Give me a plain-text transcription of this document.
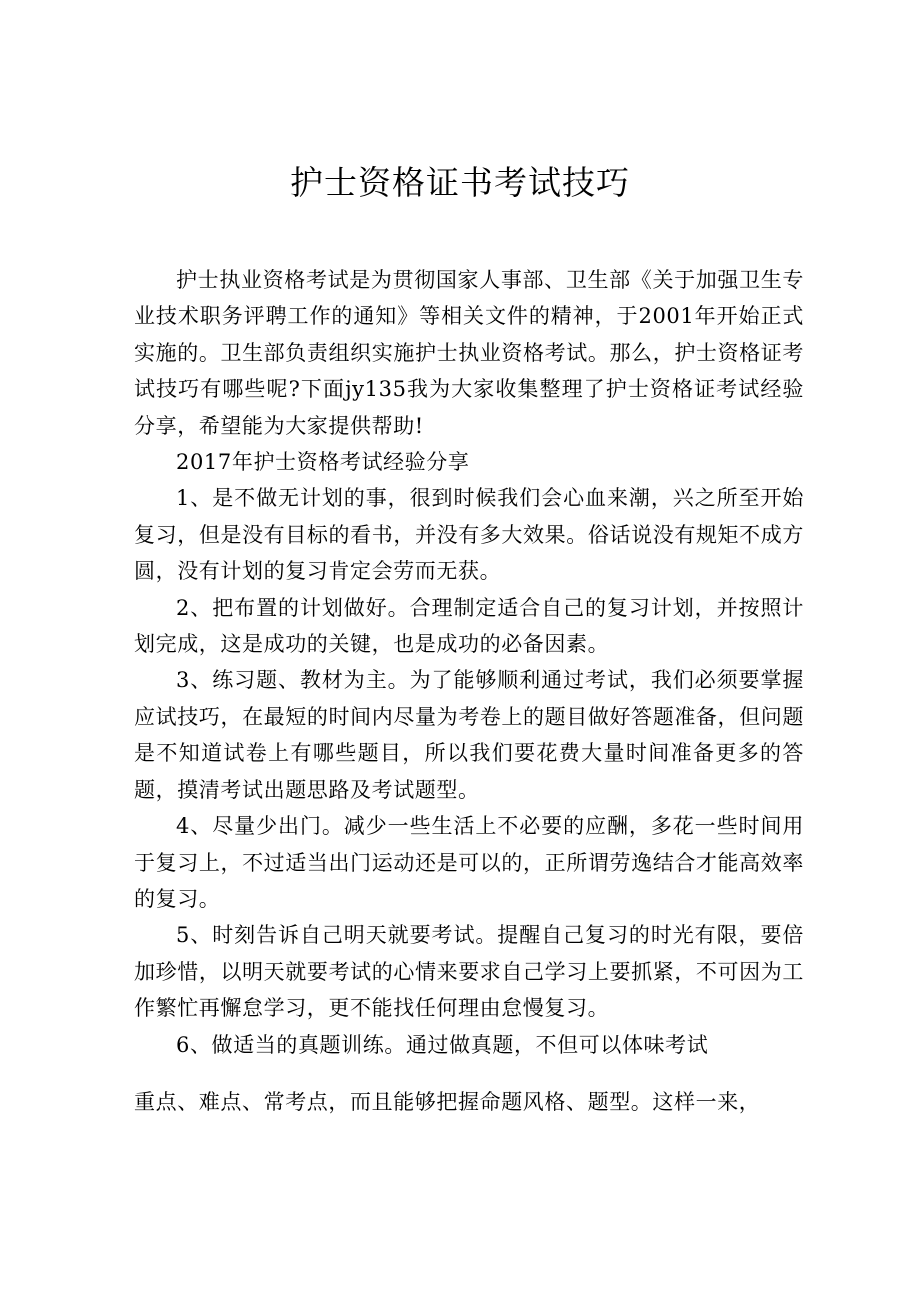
护士资格证书考试技巧

护士执业资格考试是为贯彻国家人事部、卫生部《关于加强卫生专业技术职务评聘工作的通知》等相关文件的精神，于2001年开始正式实施的。卫生部负责组织实施护士执业资格考试。那么，护士资格证考试技巧有哪些呢?下面jy135我为大家收集整理了护士资格证考试经验分享，希望能为大家提供帮助!

2017年护士资格考试经验分享

1、是不做无计划的事，很到时候我们会心血来潮，兴之所至开始复习，但是没有目标的看书，并没有多大效果。俗话说没有规矩不成方圆，没有计划的复习肯定会劳而无获。

2、把布置的计划做好。合理制定适合自己的复习计划，并按照计划完成，这是成功的关键，也是成功的必备因素。

3、练习题、教材为主。为了能够顺利通过考试，我们必须要掌握应试技巧，在最短的时间内尽量为考卷上的题目做好答题准备，但问题是不知道试卷上有哪些题目，所以我们要花费大量时间准备更多的答题，摸清考试出题思路及考试题型。

4、尽量少出门。减少一些生活上不必要的应酬，多花一些时间用于复习上，不过适当出门运动还是可以的，正所谓劳逸结合才能高效率的复习。

5、时刻告诉自己明天就要考试。提醒自己复习的时光有限，要倍加珍惜，以明天就要考试的心情来要求自己学习上要抓紧，不可因为工作繁忙再懈怠学习，更不能找任何理由怠慢复习。

6、做适当的真题训练。通过做真题，不但可以体味考试

重点、难点、常考点，而且能够把握命题风格、题型。这样一来，
